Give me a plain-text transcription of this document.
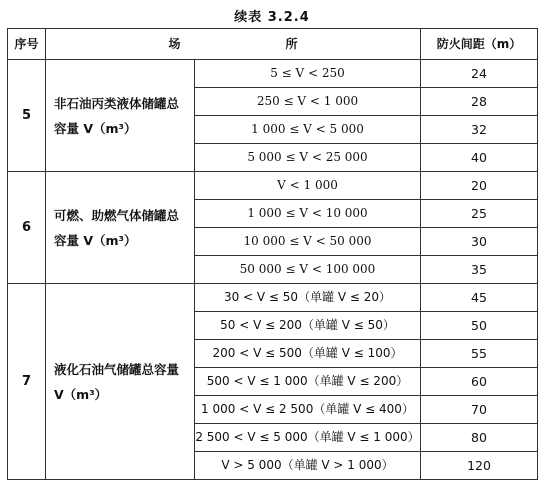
续表 3.2.4
序号	场 所		防火间距（m）
5	非石油丙类液体储罐总容量 V（m³）	5 ≤ V < 250	24
		250 ≤ V < 1 000	28
		1 000 ≤ V < 5 000	32
		5 000 ≤ V < 25 000	40
6	可燃、助燃气体储罐总容量 V（m³）	V < 1 000	20
		1 000 ≤ V < 10 000	25
		10 000 ≤ V < 50 000	30
		50 000 ≤ V < 100 000	35
7	液化石油气储罐总容量 V（m³）	30 < V ≤ 50（单罐 V ≤ 20）	45
		50 < V ≤ 200（单罐 V ≤ 50）	50
		200 < V ≤ 500（单罐 V ≤ 100）	55
		500 < V ≤ 1 000（单罐 V ≤ 200）	60
		1 000 < V ≤ 2 500（单罐 V ≤ 400）	70
		2 500 < V ≤ 5 000（单罐 V ≤ 1 000）	80
		V > 5 000（单罐 V > 1 000）	120
